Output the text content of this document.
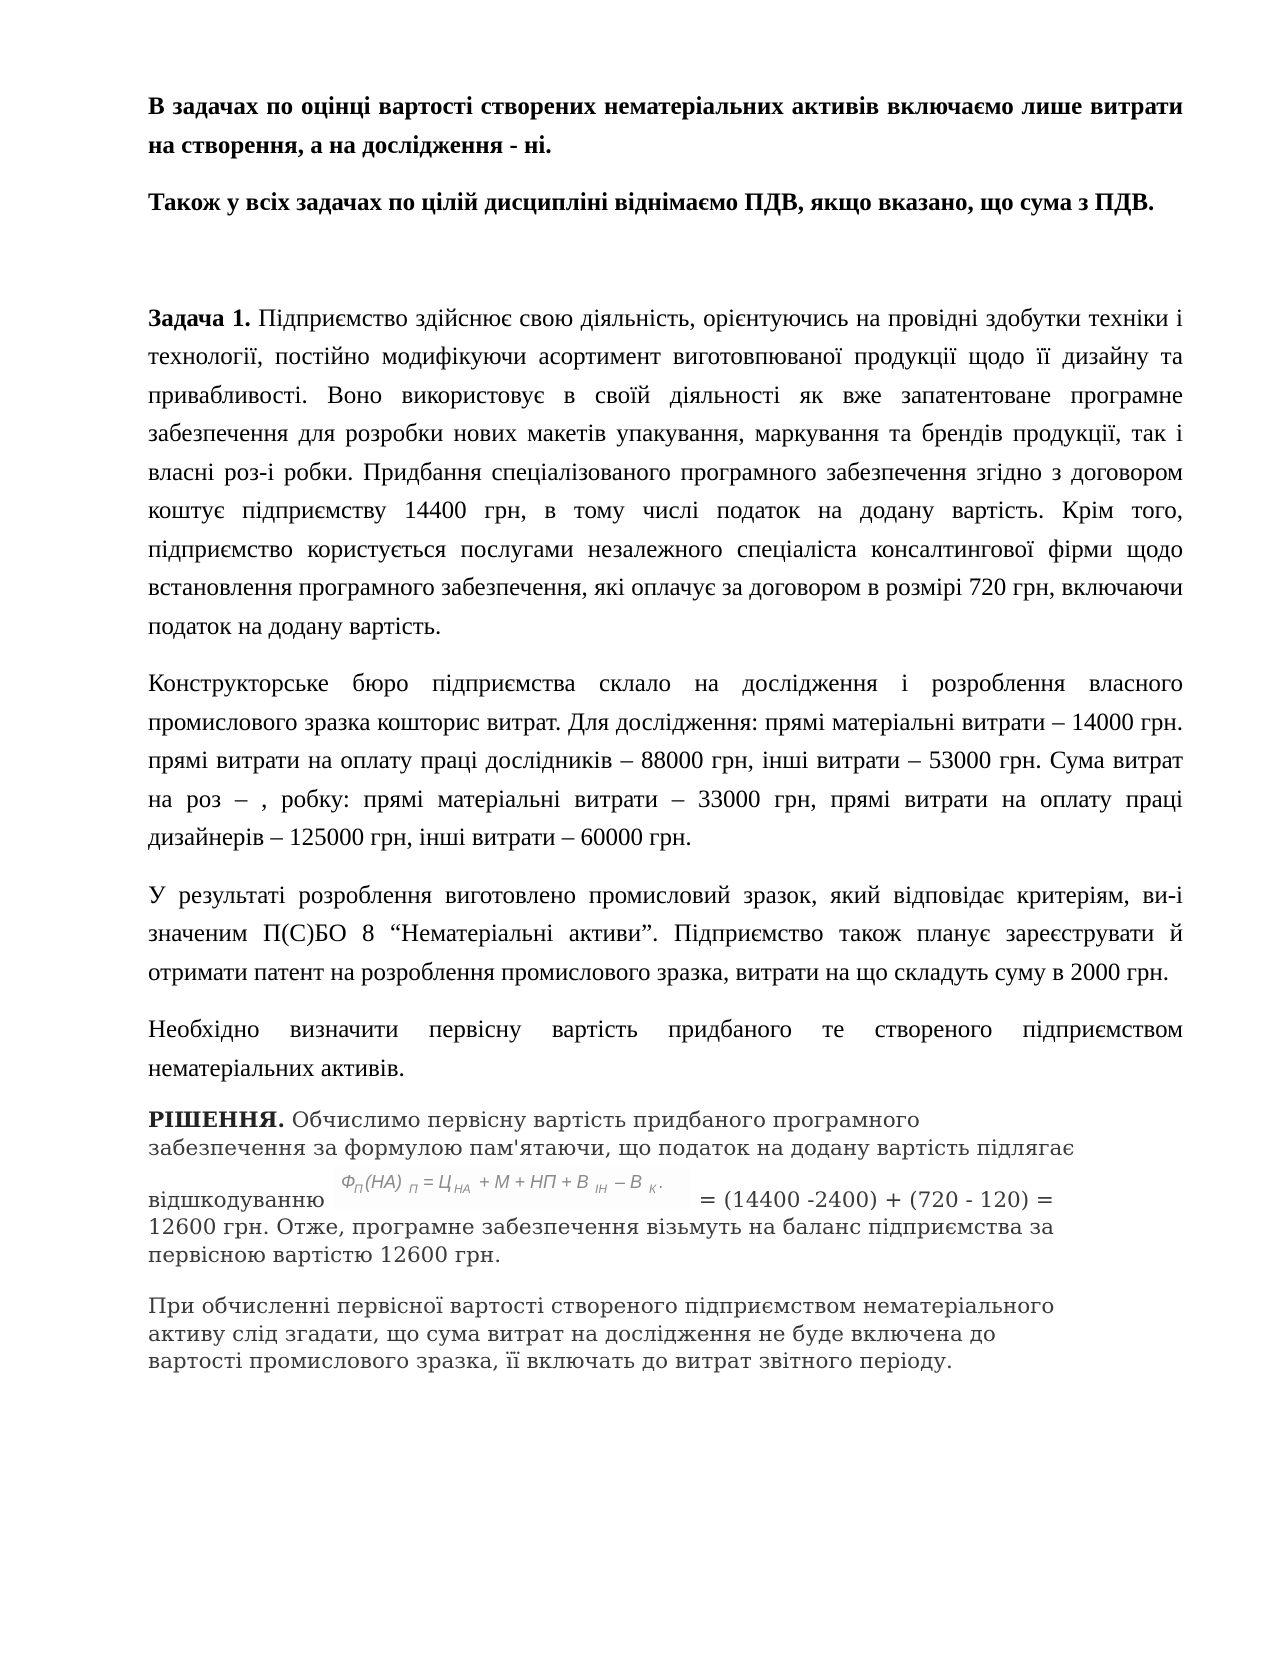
В задачах по оцінці вартості створених нематеріальних активів включаємо лише витрати на створення, а на дослідження - ні.

Також у всіх задачах по цілій дисципліні віднімаємо ПДВ, якщо вказано, що сума з ПДВ.

Задача 1. Підприємство здійснює свою діяльність, орієнтуючись на провідні здобутки техніки і технології, постійно модифікуючи асортимент виготовпюваної продукції щодо її дизайну та привабливості. Воно використовує в своїй діяльності як вже запатентоване програмне забезпечення для розробки нових макетів упакування, маркування та брендів продукції, так і власні роз-і робки. Придбання спеціалізованого програмного забезпечення згідно з договором коштує підприємству 14400 грн, в тому числі податок на додану вартість. Крім того, підприємство користується послугами незалежного спеціаліста консалтингової фірми щодо встановлення програмного забезпечення, які оплачує за договором в розмірі 720 грн, включаючи податок на додану вартість.

Конструкторське бюро підприємства склало на дослідження і розроблення власного промислового зразка кошторис витрат. Для дослідження: прямі матеріальні витрати – 14000 грн. прямі витрати на оплату праці дослідників – 88000 грн, інші витрати – 53000 грн. Сума витрат на роз – , робку: прямі матеріальні витрати – 33000 грн, прямі витрати на оплату праці дизайнерів – 125000 грн, інші витрати – 60000 грн.

У результаті розроблення виготовлено промисловий зразок, який відповідає критеріям, ви-і значеним П(С)БО 8 “Нематеріальні активи”. Підприємство також планує зареєструвати й отримати патент на розроблення промислового зразка, витрати на що складуть суму в 2000 грн.

Необхідно визначити первісну вартість придбаного те створеного підприємством нематеріальних активів.

РІШЕННЯ. Обчислимо первісну вартість придбаного програмного
забезпечення за формулою пам'ятаючи, що податок на додану вартість підлягає
відшкодуванню
Ф
П (НА) П = Ц НА + М + НП + В ІН – В К .
= (14400 -2400) + (720 - 120) =
12600 грн. Отже, програмне забезпечення візьмуть на баланс підприємства за
первісною вартістю 12600 грн.
При обчисленні первісної вартості створеного підприємством нематеріального
активу слід згадати, що сума витрат на дослідження не буде включена до
вартості промислового зразка, її включать до витрат звітного періоду.
